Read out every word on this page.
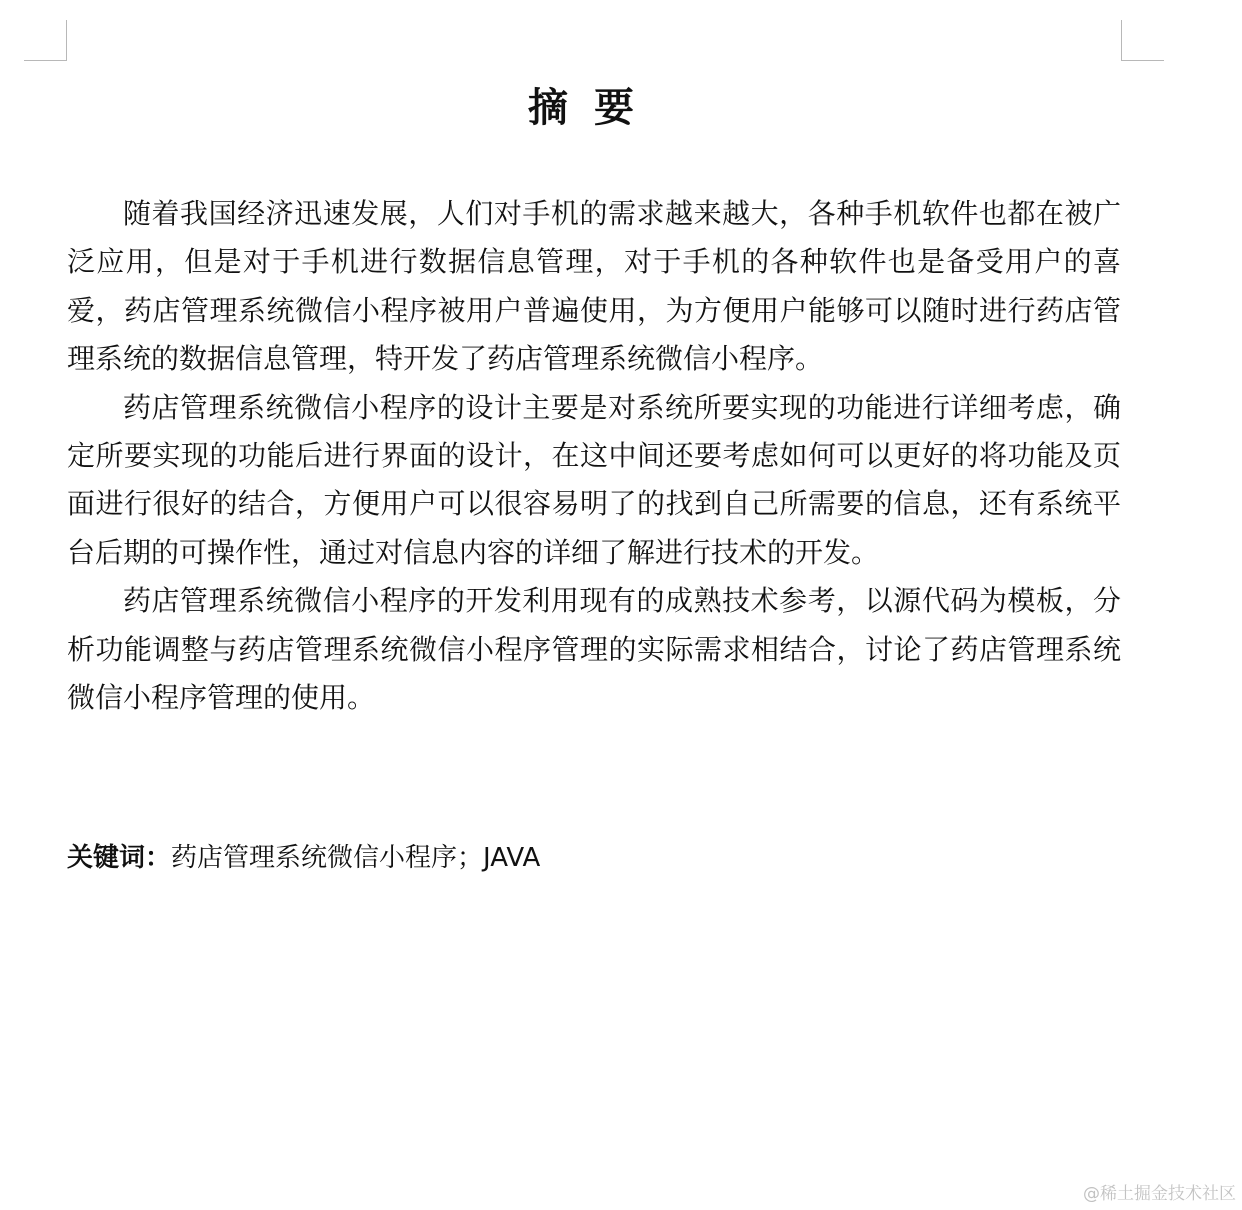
摘要

随着我国经济迅速发展，人们对手机的需求越来越大，各种手机软件也都在被广泛应用，但是对于手机进行数据信息管理，对于手机的各种软件也是备受用户的喜爱，药店管理系统微信小程序被用户普遍使用，为方便用户能够可以随时进行药店管理系统的数据信息管理，特开发了药店管理系统微信小程序。

药店管理系统微信小程序的设计主要是对系统所要实现的功能进行详细考虑，确定所要实现的功能后进行界面的设计，在这中间还要考虑如何可以更好的将功能及页面进行很好的结合，方便用户可以很容易明了的找到自己所需要的信息，还有系统平台后期的可操作性，通过对信息内容的详细了解进行技术的开发。

药店管理系统微信小程序的开发利用现有的成熟技术参考，以源代码为模板，分析功能调整与药店管理系统微信小程序管理的实际需求相结合，讨论了药店管理系统微信小程序管理的使用。

关键词：药店管理系统微信小程序；JAVA
@稀土掘金技术社区
